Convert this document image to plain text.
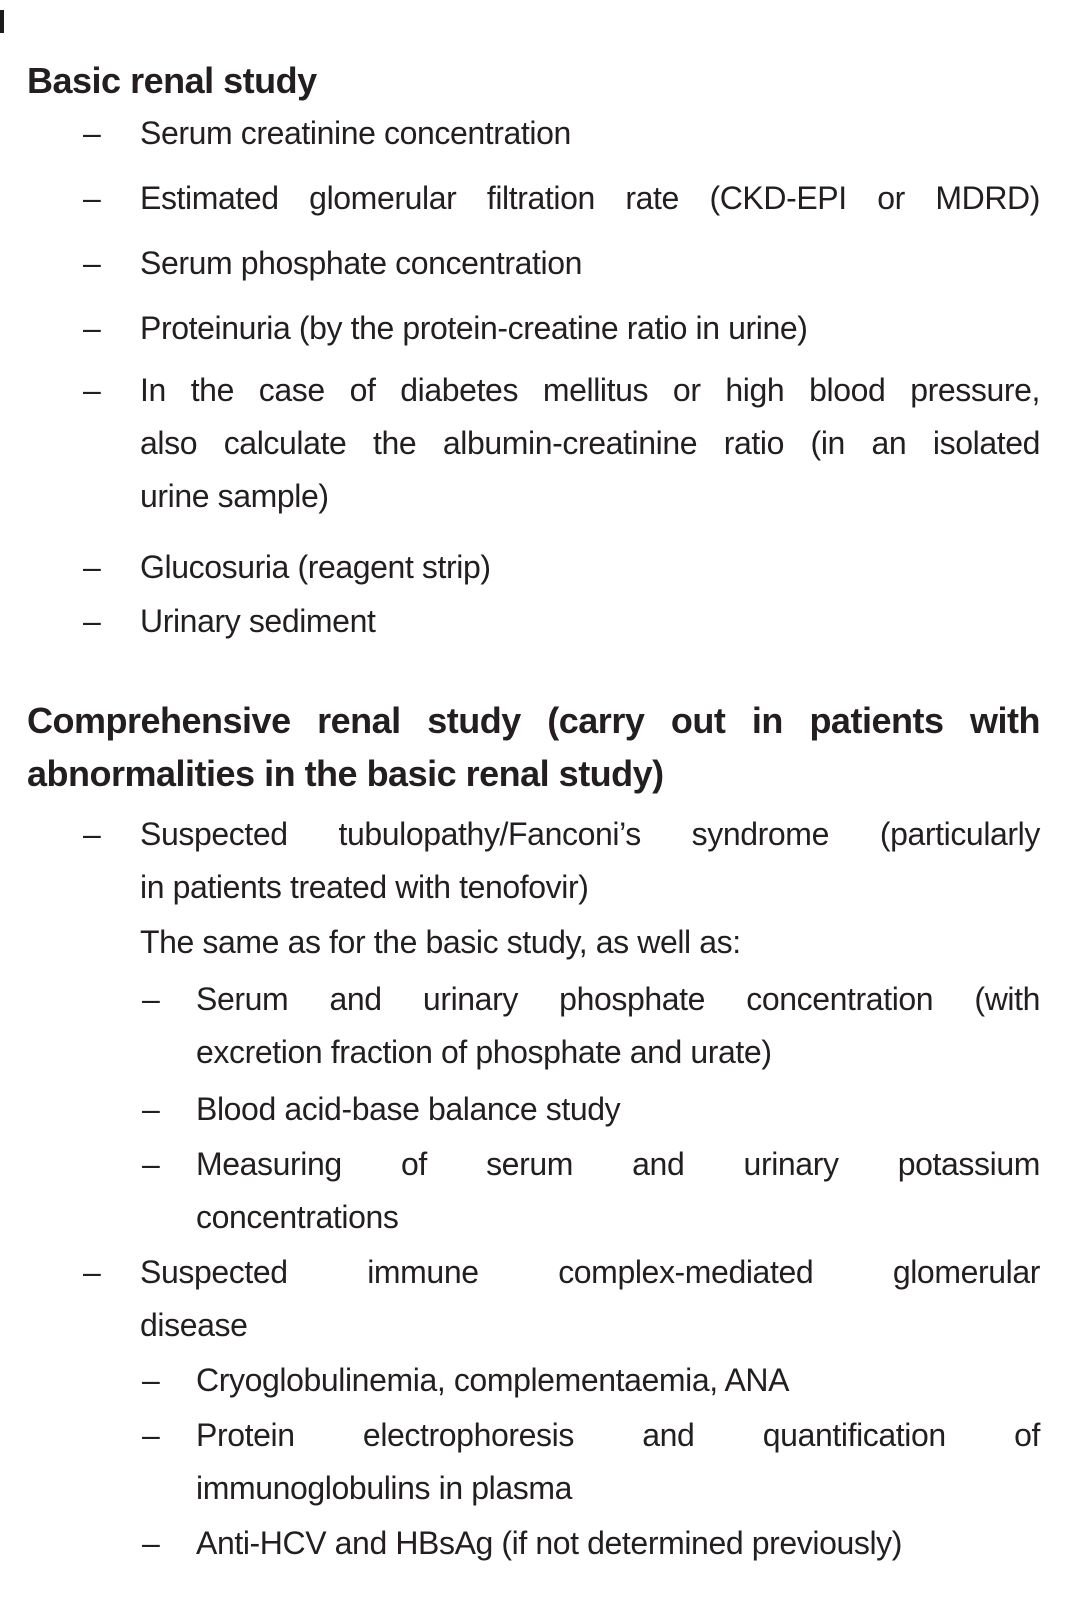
Basic renal study
– Serum creatinine concentration
– Estimated glomerular filtration rate (CKD-EPI or MDRD)
– Serum phosphate concentration
– Proteinuria (by the protein-creatine ratio in urine)
– In the case of diabetes mellitus or high blood pressure,
also calculate the albumin-creatinine ratio (in an isolated
urine sample)
– Glucosuria (reagent strip)
– Urinary sediment
Comprehensive renal study (carry out in patients with
abnormalities in the basic renal study)
– Suspected tubulopathy/Fanconi’s syndrome (particularly
in patients treated with tenofovir)
The same as for the basic study, as well as:
– Serum and urinary phosphate concentration (with
excretion fraction of phosphate and urate)
– Blood acid-base balance study
– Measuring of serum and urinary potassium
concentrations
– Suspected immune complex-mediated glomerular
disease
– Cryoglobulinemia, complementaemia, ANA
– Protein electrophoresis and quantification of
immunoglobulins in plasma
– Anti-HCV and HBsAg (if not determined previously)
